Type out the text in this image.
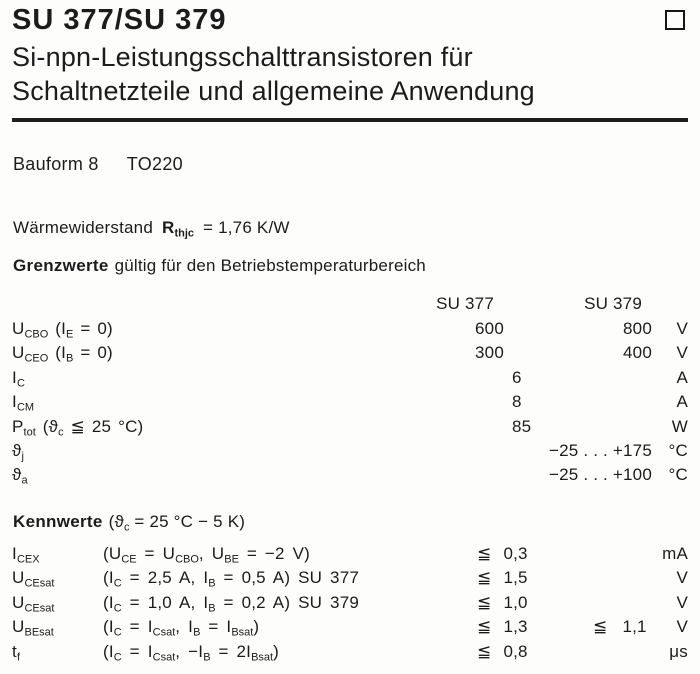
SU 377/SU 379
Si-npn-Leistungsschalttransistoren für
Schaltnetzteile und allgemeine Anwendung
Bauform 8 TO220
Wärmewiderstand $R_{thjc} = 1,76$ K/W
Grenzwerte gültig für den Betriebstemperaturbereich
SU 377	SU 379
$U_{CBO}$ $(I_E = 0)$	600	800	V
$U_{CEO}$ $(I_B = 0)$	300	400	V
$I_C$	6	A
$I_{CM}$	8	A
$P_{tot}$ ($ϑ_c$ ≦ 25 °C)	85	W
$ϑ_j$	−25 . . . +175 °C
$ϑ_a$	−25 . . . +100 °C
Kennwerte ($ϑ_c = 25$ °C − 5 K)
$I_{CEX}$	($U_{CE} = U_{CBO}$, $U_{BE} = -2$ V)	≦ 0,3	mA
$U_{CEsat}$	($I_C = 2,5$ A, $I_B = 0,5$ A) SU 377	≦ 1,5	V
$U_{CEsat}$	($I_C = 1,0$ A, $I_B = 0,2$ A) SU 379	≦ 1,0	V
$U_{BEsat}$	($I_C = I_{Csat}$, $I_B = I_{Bsat}$)	≦ 1,3	≦ 1,1	V
$t_f$	($I_C = I_{Csat}$, $-I_B = 2I_{Bsat}$)	≦ 0,8	μs
